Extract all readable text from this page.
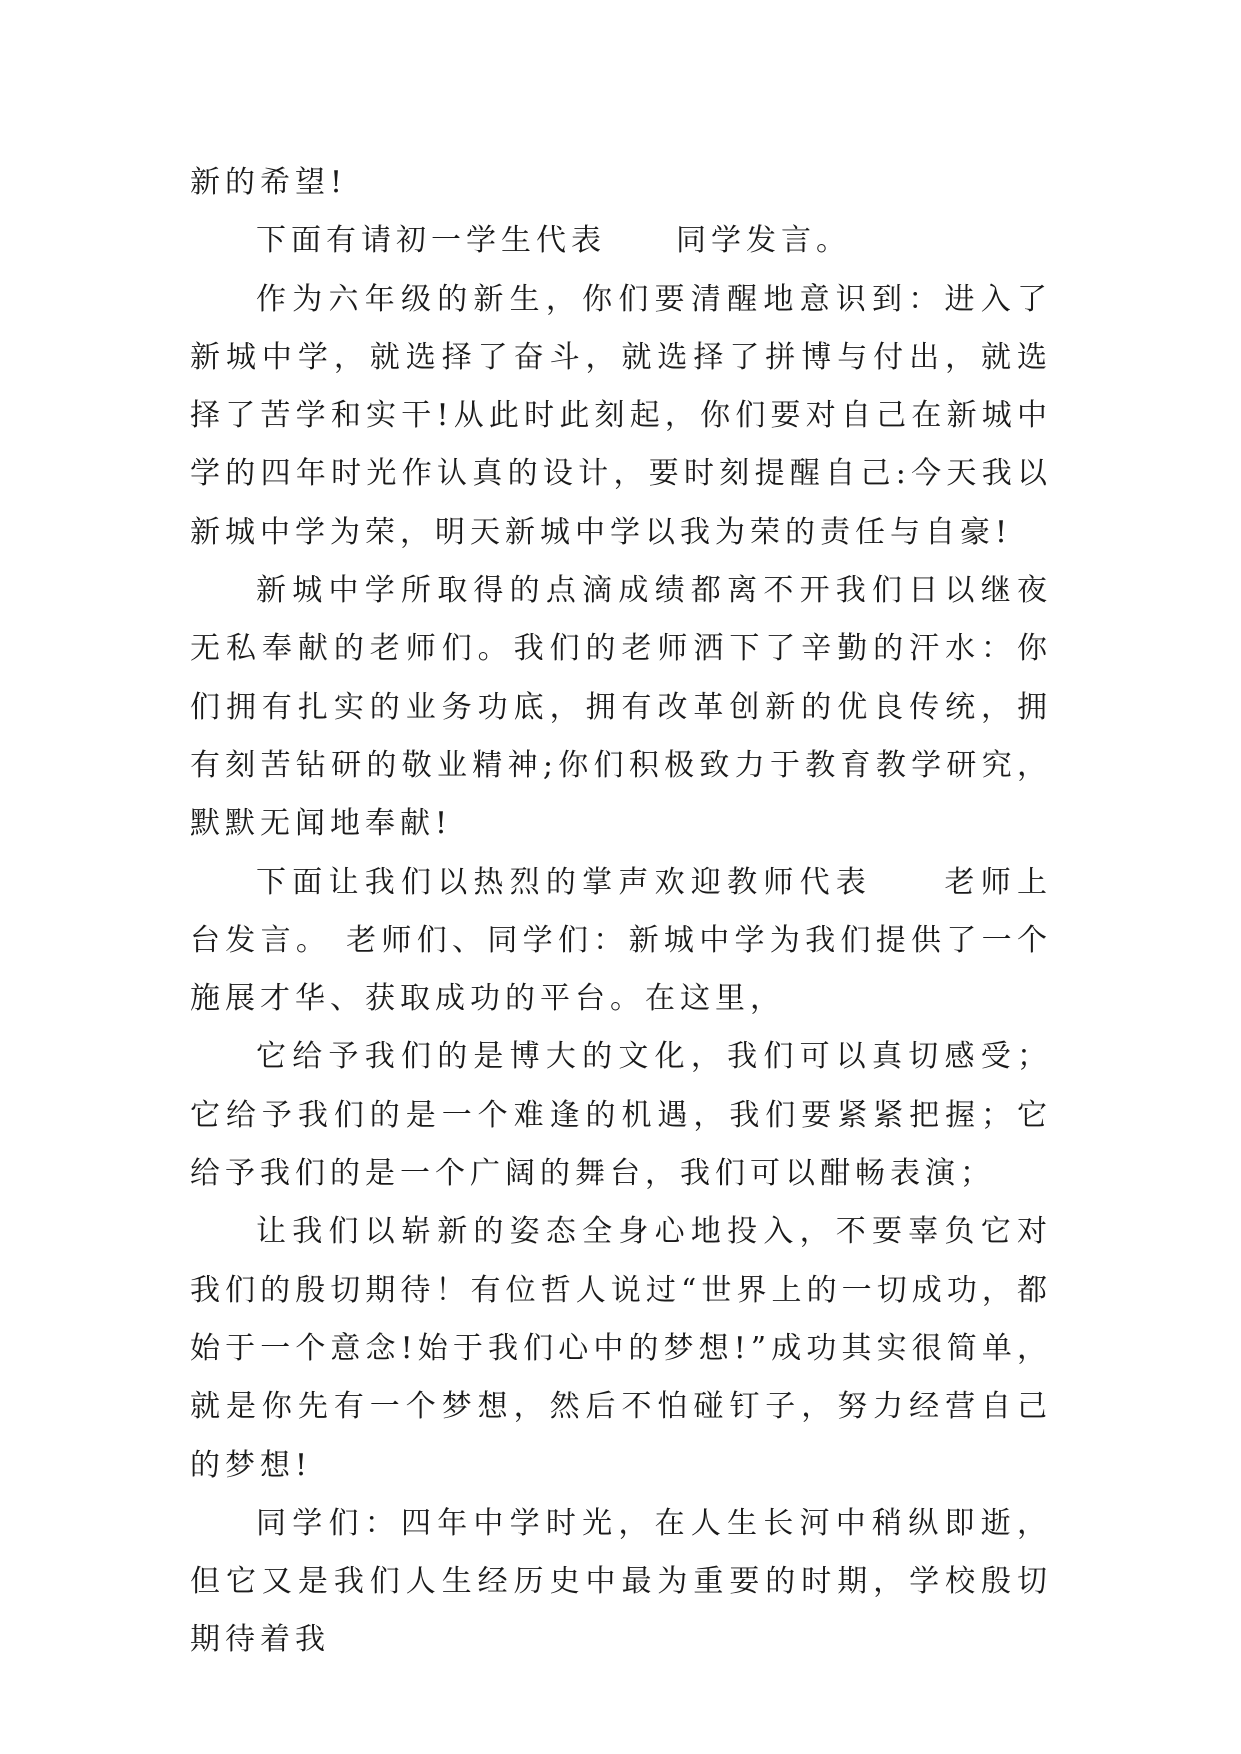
新的希望!

下面有请初一学生代表　　同学发言。

作为六年级的新生，你们要清醒地意识到：进入了新城中学，就选择了奋斗，就选择了拼博与付出，就选择了苦学和实干!从此时此刻起，你们要对自己在新城中学的四年时光作认真的设计，要时刻提醒自己:今天我以新城中学为荣，明天新城中学以我为荣的责任与自豪!

新城中学所取得的点滴成绩都离不开我们日以继夜无私奉献的老师们。我们的老师洒下了辛勤的汗水：你们拥有扎实的业务功底，拥有改革创新的优良传统，拥有刻苦钻研的敬业精神;你们积极致力于教育教学研究，默默无闻地奉献!

下面让我们以热烈的掌声欢迎教师代表　　老师上台发言。 老师们、同学们：新城中学为我们提供了一个施展才华、获取成功的平台。在这里，

它给予我们的是博大的文化，我们可以真切感受；它给予我们的是一个难逢的机遇，我们要紧紧把握；它给予我们的是一个广阔的舞台，我们可以酣畅表演；

让我们以崭新的姿态全身心地投入，不要辜负它对我们的殷切期待！有位哲人说过“世界上的一切成功，都始于一个意念!始于我们心中的梦想!”成功其实很简单，就是你先有一个梦想，然后不怕碰钉子，努力经营自己的梦想!

同学们：四年中学时光，在人生长河中稍纵即逝，但它又是我们人生经历史中最为重要的时期，学校殷切期待着我
